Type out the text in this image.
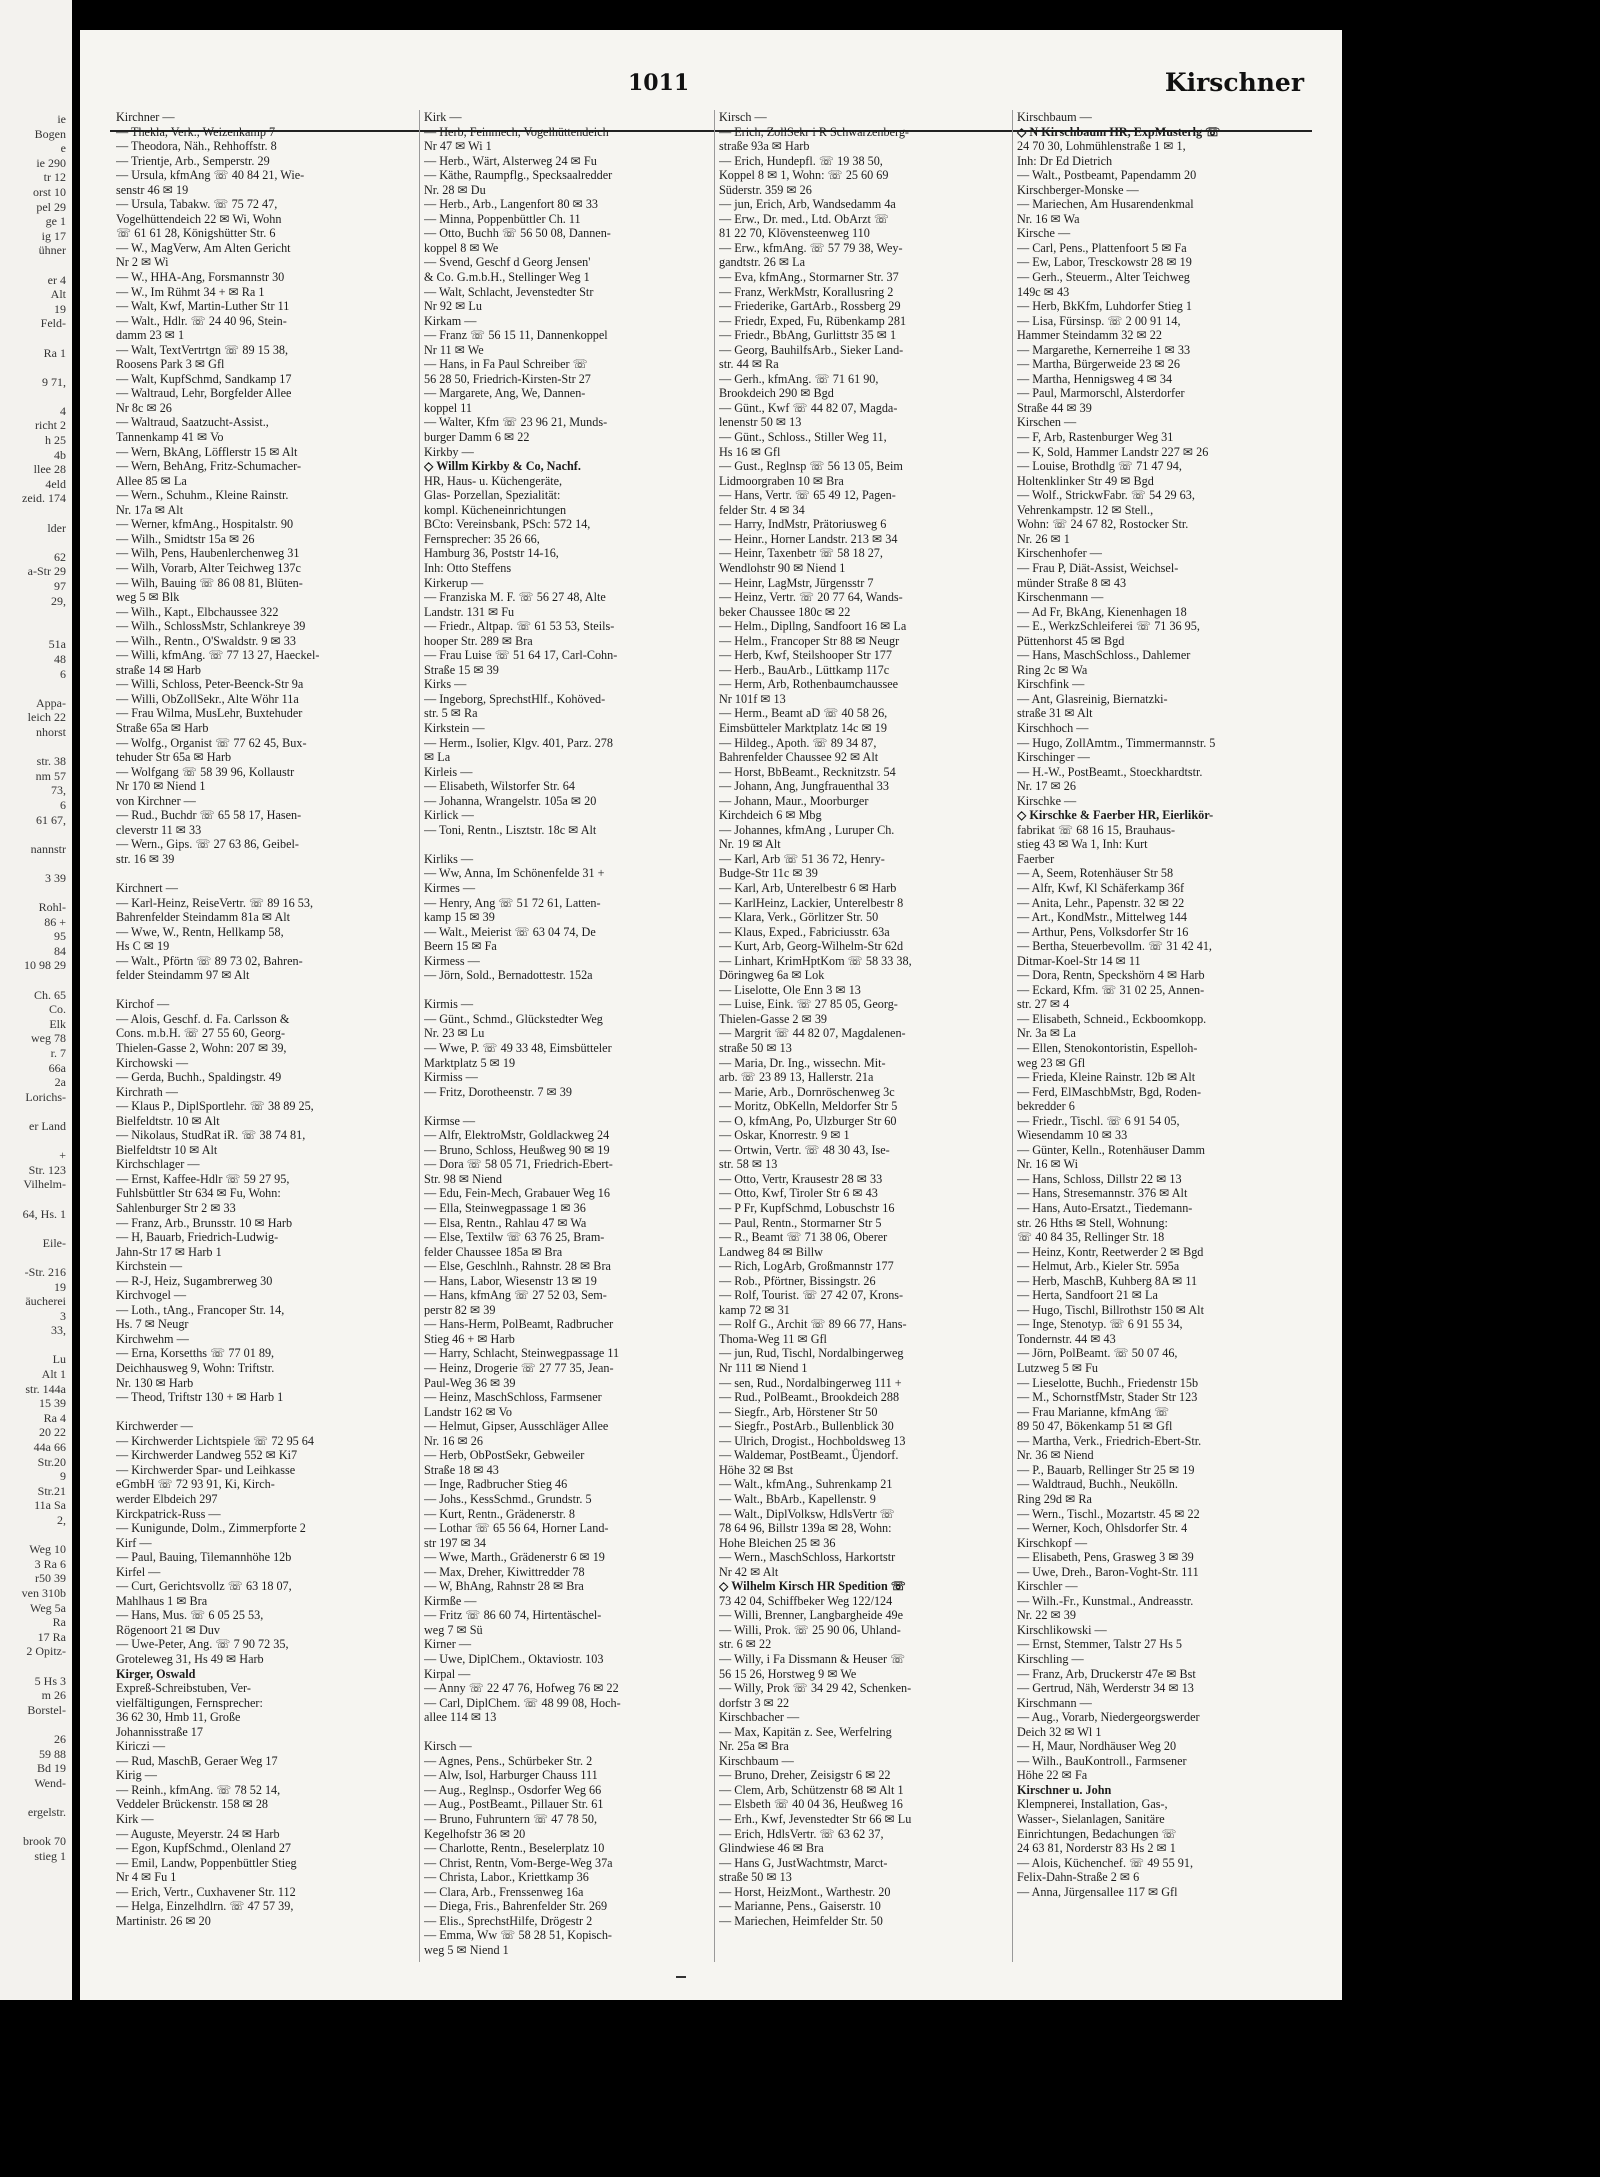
ie
Bogen
e
ie 290
tr 12
orst 10
pel 29
ge 1
ig 17
ühner

er 4
Alt
19
Feld-

Ra 1

9 71,

4
richt 2
h 25
4b
llee 28
4eld
zeid. 174

lder

62
a-Str 29
97
29,

51a
48
6

Appa-
leich 22
nhorst

str. 38
nm 57
73,
6
61 67,

nannstr

3 39

Rohl-
86 +
95
84
10 98 29

Ch. 65
Co.
Elk
weg 78
r. 7
66a
2a
Lorichs-

er Land

+
Str. 123
Vilhelm-

64, Hs. 1

Eile-

-Str. 216
19
äucherei
3
33,

Lu
Alt 1
str. 144a
15 39
Ra 4
20 22
44a 66
Str.20
9
Str.21
11a Sa
2,

Weg 10
3 Ra 6
r50 39
ven 310b
Weg 5a
Ra
17 Ra
2 Opitz-

5 Hs 3
m 26
Borstel-

26
59 88
Bd 19
Wend-

ergelstr.

brook 70
stieg 1
1011	Kirschner
Kirchner —
— Thekla, Verk., Weizenkamp 7
— Theodora, Näh., Rehhoffstr. 8
— Trientje, Arb., Semperstr. 29
— Ursula, kfmAng ☏ 40 84 21, Wie-
senstr 46 ✉ 19
— Ursula, Tabakw. ☏ 75 72 47,
Vogelhüttendeich 22 ✉ Wi, Wohn
☏ 61 61 28, Königshütter Str. 6
— W., MagVerw, Am Alten Gericht
Nr 2 ✉ Wi
— W., HHA-Ang, Forsmannstr 30
— W., Im Rühmt 34 + ✉ Ra 1
— Walt, Kwf, Martin-Luther Str 11
— Walt., Hdlr. ☏ 24 40 96, Stein-
damm 23 ✉ 1
— Walt, TextVertrtgn ☏ 89 15 38,
Roosens Park 3 ✉ Gfl
— Walt, KupfSchmd, Sandkamp 17
— Waltraud, Lehr, Borgfelder Allee
Nr 8c ✉ 26
— Waltraud, Saatzucht-Assist.,
Tannenkamp 41 ✉ Vo
— Wern, BkAng, Löfflerstr 15 ✉ Alt
— Wern, BehAng, Fritz-Schumacher-
Allee 85 ✉ La
— Wern., Schuhm., Kleine Rainstr.
Nr. 17a ✉ Alt
— Werner, kfmAng., Hospitalstr. 90
— Wilh., Smidtstr 15a ✉ 26
— Wilh, Pens, Haubenlerchenweg 31
— Wilh, Vorarb, Alter Teichweg 137c
— Wilh, Bauing ☏ 86 08 81, Blüten-
weg 5 ✉ Blk
— Wilh., Kapt., Elbchaussee 322
— Wilh., SchlossMstr, Schlankreye 39
— Wilh., Rentn., O'Swaldstr. 9 ✉ 33
— Willi, kfmAng. ☏ 77 13 27, Haeckel-
straße 14 ✉ Harb
— Willi, Schloss, Peter-Beenck-Str 9a
— Willi, ObZollSekr., Alte Wöhr 11a
— Frau Wilma, MusLehr, Buxtehuder
Straße 65a ✉ Harb
— Wolfg., Organist ☏ 77 62 45, Bux-
tehuder Str 65a ✉ Harb
— Wolfgang ☏ 58 39 96, Kollaustr
Nr 170 ✉ Niend 1
von Kirchner —
— Rud., Buchdr ☏ 65 58 17, Hasen-
cleverstr 11 ✉ 33
— Wern., Gips. ☏ 27 63 86, Geibel-
str. 16 ✉ 39

Kirchnert —
— Karl-Heinz, ReiseVertr. ☏ 89 16 53,
Bahrenfelder Steindamm 81a ✉ Alt
— Wwe, W., Rentn, Hellkamp 58,
Hs C ✉ 19
— Walt., Pförtn ☏ 89 73 02, Bahren-
felder Steindamm 97 ✉ Alt

Kirchof —
— Alois, Geschf. d. Fa. Carlsson &
Cons. m.b.H. ☏ 27 55 60, Georg-
Thielen-Gasse 2, Wohn: 207 ✉ 39,
Kirchowski —
— Gerda, Buchh., Spaldingstr. 49
Kirchrath —
— Klaus P., DiplSportlehr. ☏ 38 89 25,
Bielfeldtstr. 10 ✉ Alt
— Nikolaus, StudRat iR. ☏ 38 74 81,
Bielfeldtstr 10 ✉ Alt
Kirchschlager —
— Ernst, Kaffee-Hdlr ☏ 59 27 95,
Fuhlsbüttler Str 634 ✉ Fu, Wohn:
Sahlenburger Str 2 ✉ 33
— Franz, Arb., Brunsstr. 10 ✉ Harb
— H, Bauarb, Friedrich-Ludwig-
Jahn-Str 17 ✉ Harb 1
Kirchstein —
— R-J, Heiz, Sugambrerweg 30
Kirchvogel —
— Loth., tAng., Francoper Str. 14,
Hs. 7 ✉ Neugr
Kirchwehm —
— Erna, Korsetths ☏ 77 01 89,
Deichhausweg 9, Wohn: Triftstr.
Nr. 130 ✉ Harb
— Theod, Triftstr 130 + ✉ Harb 1

Kirchwerder —
— Kirchwerder Lichtspiele ☏ 72 95 64
— Kirchwerder Landweg 552 ✉ Ki7
— Kirchwerder Spar- und Leihkasse
eGmbH ☏ 72 93 91, Ki, Kirch-
werder Elbdeich 297
Kirckpatrick-Russ —
— Kunigunde, Dolm., Zimmerpforte 2
Kirf —
— Paul, Bauing, Tilemannhöhe 12b
Kirfel —
— Curt, Gerichtsvollz ☏ 63 18 07,
Mahlhaus 1 ✉ Bra
— Hans, Mus. ☏ 6 05 25 53,
Rögenoort 21 ✉ Duv
— Uwe-Peter, Ang. ☏ 7 90 72 35,
Groteleweg 31, Hs 49 ✉ Harb
Kirger, Oswald
Expreß-Schreibstuben, Ver-
vielfältigungen, Fernsprecher:
36 62 30, Hmb 11, Große
Johannisstraße 17
Kiriczi —
— Rud, MaschB, Geraer Weg 17
Kirig —
— Reinh., kfmAng. ☏ 78 52 14,
Veddeler Brückenstr. 158 ✉ 28
Kirk —
— Auguste, Meyerstr. 24 ✉ Harb
— Egon, KupfSchmd., Olenland 27
— Emil, Landw, Poppenbüttler Stieg
Nr 4 ✉ Fu 1
— Erich, Vertr., Cuxhavener Str. 112
— Helga, Einzelhdlrn. ☏ 47 57 39,
Martinistr. 26 ✉ 20
Kirk —
— Herb, Feinmech, Vogelhüttendeich
Nr 47 ✉ Wi 1
— Herb., Wärt, Alsterweg 24 ✉ Fu
— Käthe, Raumpflg., Specksaalredder
Nr. 28 ✉ Du
— Herb., Arb., Langenfort 80 ✉ 33
— Minna, Poppenbüttler Ch. 11
— Otto, Buchh ☏ 56 50 08, Dannen-
koppel 8 ✉ We
— Svend, Geschf d Georg Jensen'
& Co. G.m.b.H., Stellinger Weg 1
— Walt, Schlacht, Jevenstedter Str
Nr 92 ✉ Lu
Kirkam —
— Franz ☏ 56 15 11, Dannenkoppel
Nr 11 ✉ We
— Hans, in Fa Paul Schreiber ☏
56 28 50, Friedrich-Kirsten-Str 27
— Margarete, Ang, We, Dannen-
koppel 11
— Walter, Kfm ☏ 23 96 21, Munds-
burger Damm 6 ✉ 22
Kirkby —
◇ Willm Kirkby & Co, Nachf.
HR, Haus- u. Küchengeräte,
Glas- Porzellan, Spezialität:
kompl. Kücheneinrichtungen
BCto: Vereinsbank, PSch: 572 14,
Fernsprecher: 35 26 66,
Hamburg 36, Poststr 14-16,
Inh: Otto Steffens
Kirkerup —
— Franziska M. F. ☏ 56 27 48, Alte
Landstr. 131 ✉ Fu
— Friedr., Altpap. ☏ 61 53 53, Steils-
hooper Str. 289 ✉ Bra
— Frau Luise ☏ 51 64 17, Carl-Cohn-
Straße 15 ✉ 39
Kirks —
— Ingeborg, SprechstHlf., Kohöved-
str. 5 ✉ Ra
Kirkstein —
— Herm., Isolier, Klgv. 401, Parz. 278
✉ La
Kirleis —
— Elisabeth, Wilstorfer Str. 64
— Johanna, Wrangelstr. 105a ✉ 20
Kirlick —
— Toni, Rentn., Lisztstr. 18c ✉ Alt

Kirliks —
— Ww, Anna, Im Schönenfelde 31 +
Kirmes —
— Henry, Ang ☏ 51 72 61, Latten-
kamp 15 ✉ 39
— Walt., Meierist ☏ 63 04 74, De
Beern 15 ✉ Fa
Kirmess —
— Jörn, Sold., Bernadottestr. 152a

Kirmis —
— Günt., Schmd., Glückstedter Weg
Nr. 23 ✉ Lu
— Wwe, P. ☏ 49 33 48, Eimsbütteler
Marktplatz 5 ✉ 19
Kirmiss —
— Fritz, Dorotheenstr. 7 ✉ 39

Kirmse —
— Alfr, ElektroMstr, Goldlackweg 24
— Bruno, Schloss, Heußweg 90 ✉ 19
— Dora ☏ 58 05 71, Friedrich-Ebert-
Str. 98 ✉ Niend
— Edu, Fein-Mech, Grabauer Weg 16
— Ella, Steinwegpassage 1 ✉ 36
— Elsa, Rentn., Rahlau 47 ✉ Wa
— Else, Textilw ☏ 63 76 25, Bram-
felder Chaussee 185a ✉ Bra
— Else, Geschlnh., Rahnstr. 28 ✉ Bra
— Hans, Labor, Wiesenstr 13 ✉ 19
— Hans, kfmAng ☏ 27 52 03, Sem-
perstr 82 ✉ 39
— Hans-Herm, PolBeamt, Radbrucher
Stieg 46 + ✉ Harb
— Harry, Schlacht, Steinwegpassage 11
— Heinz, Drogerie ☏ 27 77 35, Jean-
Paul-Weg 36 ✉ 39
— Heinz, MaschSchloss, Farmsener
Landstr 162 ✉ Vo
— Helmut, Gipser, Ausschläger Allee
Nr. 16 ✉ 26
— Herb, ObPostSekr, Gebweiler
Straße 18 ✉ 43
— Inge, Radbrucher Stieg 46
— Johs., KessSchmd., Grundstr. 5
— Kurt, Rentn., Grädenerstr. 8
— Lothar ☏ 65 56 64, Horner Land-
str 197 ✉ 34
— Wwe, Marth., Grädenerstr 6 ✉ 19
— Max, Dreher, Kiwittredder 78
— W, BhAng, Rahnstr 28 ✉ Bra
Kirmße —
— Fritz ☏ 86 60 74, Hirtentäschel-
weg 7 ✉ Sü
Kirner —
— Uwe, DiplChem., Oktaviostr. 103
Kirpal —
— Anny ☏ 22 47 76, Hofweg 76 ✉ 22
— Carl, DiplChem. ☏ 48 99 08, Hoch-
allee 114 ✉ 13

Kirsch —
— Agnes, Pens., Schürbeker Str. 2
— Alw, Isol, Harburger Chauss 111
— Aug., Reglnsp., Osdorfer Weg 66
— Aug., PostBeamt., Pillauer Str. 61
— Bruno, Fuhruntern ☏ 47 78 50,
Kegelhofstr 36 ✉ 20
— Charlotte, Rentn., Beselerplatz 10
— Christ, Rentn, Vom-Berge-Weg 37a
— Christa, Labor., Kriettkamp 36
— Clara, Arb., Frenssenweg 16a
— Diega, Fris., Bahrenfelder Str. 269
— Elis., SprechstHilfe, Drögestr 2
— Emma, Ww ☏ 58 28 51, Kopisch-
weg 5 ✉ Niend 1
Kirsch —
— Erich, ZollSekr i R Schwarzenberg-
straße 93a ✉ Harb
— Erich, Hundepfl. ☏ 19 38 50,
Koppel 8 ✉ 1, Wohn: ☏ 25 60 69
Süderstr. 359 ✉ 26
— jun, Erich, Arb, Wandsedamm 4a
— Erw., Dr. med., Ltd. ObArzt ☏
81 22 70, Klövensteenweg 110
— Erw., kfmAng. ☏ 57 79 38, Wey-
gandtstr. 26 ✉ La
— Eva, kfmAng., Stormarner Str. 37
— Franz, WerkMstr, Korallusring 2
— Friederike, GartArb., Rossberg 29
— Friedr, Exped, Fu, Rübenkamp 281
— Friedr., BbAng, Gurlittstr 35 ✉ 1
— Georg, BauhilfsArb., Sieker Land-
str. 44 ✉ Ra
— Gerh., kfmAng. ☏ 71 61 90,
Brookdeich 290 ✉ Bgd
— Günt., Kwf ☏ 44 82 07, Magda-
lenenstr 50 ✉ 13
— Günt., Schloss., Stiller Weg 11,
Hs 16 ✉ Gfl
— Gust., Reglnsp ☏ 56 13 05, Beim
Lidmoorgraben 10 ✉ Bra
— Hans, Vertr. ☏ 65 49 12, Pagen-
felder Str. 4 ✉ 34
— Harry, IndMstr, Prätoriusweg 6
— Heinr., Horner Landstr. 213 ✉ 34
— Heinr, Taxenbetr ☏ 58 18 27,
Wendlohstr 90 ✉ Niend 1
— Heinr, LagMstr, Jürgensstr 7
— Heinz, Vertr. ☏ 20 77 64, Wands-
beker Chaussee 180c ✉ 22
— Helm., Dipllng, Sandfoort 16 ✉ La
— Helm., Francoper Str 88 ✉ Neugr
— Herb, Kwf, Steilshooper Str 177
— Herb., BauArb., Lüttkamp 117c
— Herm, Arb, Rothenbaumchaussee
Nr 101f ✉ 13
— Herm., Beamt aD ☏ 40 58 26,
Eimsbütteler Marktplatz 14c ✉ 19
— Hildeg., Apoth. ☏ 89 34 87,
Bahrenfelder Chaussee 92 ✉ Alt
— Horst, BbBeamt., Recknitzstr. 54
— Johann, Ang, Jungfrauenthal 33
— Johann, Maur., Moorburger
Kirchdeich 6 ✉ Mbg
— Johannes, kfmAng , Luruper Ch.
Nr. 19 ✉ Alt
— Karl, Arb ☏ 51 36 72, Henry-
Budge-Str 11c ✉ 39
— Karl, Arb, Unterelbestr 6 ✉ Harb
— KarlHeinz, Lackier, Unterelbestr 8
— Klara, Verk., Görlitzer Str. 50
— Klaus, Exped., Fabriciusstr. 63a
— Kurt, Arb, Georg-Wilhelm-Str 62d
— Linhart, KrimHptKom ☏ 58 33 38,
Döringweg 6a ✉ Lok
— Liselotte, Ole Enn 3 ✉ 13
— Luise, Eink. ☏ 27 85 05, Georg-
Thielen-Gasse 2 ✉ 39
— Margrit ☏ 44 82 07, Magdalenen-
straße 50 ✉ 13
— Maria, Dr. Ing., wissechn. Mit-
arb. ☏ 23 89 13, Hallerstr. 21a
— Marie, Arb., Dornröschenweg 3c
— Moritz, ObKelln, Meldorfer Str 5
— O, kfmAng, Po, Ulzburger Str 60
— Oskar, Knorrestr. 9 ✉ 1
— Ortwin, Vertr. ☏ 48 30 43, Ise-
str. 58 ✉ 13
— Otto, Vertr, Krausestr 28 ✉ 33
— Otto, Kwf, Tiroler Str 6 ✉ 43
— P Fr, KupfSchmd, Lobuschstr 16
— Paul, Rentn., Stormarner Str 5
— R., Beamt ☏ 71 38 06, Oberer
Landweg 84 ✉ Billw
— Rich, LogArb, Großmannstr 177
— Rob., Pförtner, Bissingstr. 26
— Rolf, Tourist. ☏ 27 42 07, Krons-
kamp 72 ✉ 31
— Rolf G., Archit ☏ 89 66 77, Hans-
Thoma-Weg 11 ✉ Gfl
— jun, Rud, Tischl, Nordalbingerweg
Nr 111 ✉ Niend 1
— sen, Rud., Nordalbingerweg 111 +
— Rud., PolBeamt., Brookdeich 288
— Siegfr., Arb, Hörstener Str 50
— Siegfr., PostArb., Bullenblick 30
— Ulrich, Drogist., Hochboldsweg 13
— Waldemar, PostBeamt., Üjendorf.
Höhe 32 ✉ Bst
— Walt., kfmAng., Suhrenkamp 21
— Walt., BbArb., Kapellenstr. 9
— Walt., DiplVolksw, HdlsVertr ☏
78 64 96, Billstr 139a ✉ 28, Wohn:
Hohe Bleichen 25 ✉ 36
— Wern., MaschSchloss, Harkortstr
Nr 42 ✉ Alt
◇ Wilhelm Kirsch HR Spedition ☏
73 42 04, Schiffbeker Weg 122/124
— Willi, Brenner, Langbargheide 49e
— Willi, Prok. ☏ 25 90 06, Uhland-
str. 6 ✉ 22
— Willy, i Fa Dissmann & Heuser ☏
56 15 26, Horstweg 9 ✉ We
— Willy, Prok ☏ 34 29 42, Schenken-
dorfstr 3 ✉ 22
Kirschbacher —
— Max, Kapitän z. See, Werfelring
Nr. 25a ✉ Bra
Kirschbaum —
— Bruno, Dreher, Zeisigstr 6 ✉ 22
— Clem, Arb, Schützenstr 68 ✉ Alt 1
— Elsbeth ☏ 40 04 36, Heußweg 16
— Erh., Kwf, Jevenstedter Str 66 ✉ Lu
— Erich, HdlsVertr. ☏ 63 62 37,
Glindwiese 46 ✉ Bra
— Hans G, JustWachtmstr, Marct-
straße 50 ✉ 13
— Horst, HeizMont., Warthestr. 20
— Marianne, Pens., Gaiserstr. 10
— Mariechen, Heimfelder Str. 50
Kirschbaum —
◇ N Kirschbaum HR, ExpMusterlg ☏
24 70 30, Lohmühlenstraße 1 ✉ 1,
Inh: Dr Ed Dietrich
— Walt., Postbeamt, Papendamm 20
Kirschberger-Monske —
— Mariechen, Am Husarendenkmal
Nr. 16 ✉ Wa
Kirsche —
— Carl, Pens., Plattenfoort 5 ✉ Fa
— Ew, Labor, Tresckowstr 28 ✉ 19
— Gerh., Steuerm., Alter Teichweg
149c ✉ 43
— Herb, BkKfm, Luhdorfer Stieg 1
— Lisa, Fürsinsp. ☏ 2 00 91 14,
Hammer Steindamm 32 ✉ 22
— Margarethe, Kernerreihe 1 ✉ 33
— Martha, Bürgerweide 23 ✉ 26
— Martha, Hennigsweg 4 ✉ 34
— Paul, Marmorschl, Alsterdorfer
Straße 44 ✉ 39
Kirschen —
— F, Arb, Rastenburger Weg 31
— K, Sold, Hammer Landstr 227 ✉ 26
— Louise, Brothdlg ☏ 71 47 94,
Holtenklinker Str 49 ✉ Bgd
— Wolf., StrickwFabr. ☏ 54 29 63,
Vehrenkampstr. 12 ✉ Stell.,
Wohn: ☏ 24 67 82, Rostocker Str.
Nr. 26 ✉ 1
Kirschenhofer —
— Frau P, Diät-Assist, Weichsel-
münder Straße 8 ✉ 43
Kirschenmann —
— Ad Fr, BkAng, Kienenhagen 18
— E., WerkzSchleiferei ☏ 71 36 95,
Püttenhorst 45 ✉ Bgd
— Hans, MaschSchloss., Dahlemer
Ring 2c ✉ Wa
Kirschfink —
— Ant, Glasreinig, Biernatzki-
straße 31 ✉ Alt
Kirschhoch —
— Hugo, ZollAmtm., Timmermannstr. 5
Kirschinger —
— H.-W., PostBeamt., Stoeckhardtstr.
Nr. 17 ✉ 26
Kirschke —
◇ Kirschke & Faerber HR, Eierlikör-
fabrikat ☏ 68 16 15, Brauhaus-
stieg 43 ✉ Wa 1, Inh: Kurt
Faerber
— A, Seem, Rotenhäuser Str 58
— Alfr, Kwf, Kl Schäferkamp 36f
— Anita, Lehr., Papenstr. 32 ✉ 22
— Art., KondMstr., Mittelweg 144
— Arthur, Pens, Volksdorfer Str 16
— Bertha, Steuerbevollm. ☏ 31 42 41,
Ditmar-Koel-Str 14 ✉ 11
— Dora, Rentn, Speckshörn 4 ✉ Harb
— Eckard, Kfm. ☏ 31 02 25, Annen-
str. 27 ✉ 4
— Elisabeth, Schneid., Eckboomkopp.
Nr. 3a ✉ La
— Ellen, Stenokontoristin, Espelloh-
weg 23 ✉ Gfl
— Frieda, Kleine Rainstr. 12b ✉ Alt
— Ferd, ElMaschbMstr, Bgd, Roden-
bekredder 6
— Friedr., Tischl. ☏ 6 91 54 05,
Wiesendamm 10 ✉ 33
— Günter, Kelln., Rotenhäuser Damm
Nr. 16 ✉ Wi
— Hans, Schloss, Dillstr 22 ✉ 13
— Hans, Stresemannstr. 376 ✉ Alt
— Hans, Auto-Ersatzt., Tiedemann-
str. 26 Hths ✉ Stell, Wohnung:
☏ 40 84 35, Rellinger Str. 18
— Heinz, Kontr, Reetwerder 2 ✉ Bgd
— Helmut, Arb., Kieler Str. 595a
— Herb, MaschB, Kuhberg 8A ✉ 11
— Herta, Sandfoort 21 ✉ La
— Hugo, Tischl, Billrothstr 150 ✉ Alt
— Inge, Stenotyp. ☏ 6 91 55 34,
Tondernstr. 44 ✉ 43
— Jörn, PolBeamt. ☏ 50 07 46,
Lutzweg 5 ✉ Fu
— Lieselotte, Buchh., Friedenstr 15b
— M., SchornstfMstr, Stader Str 123
— Frau Marianne, kfmAng ☏
89 50 47, Bökenkamp 51 ✉ Gfl
— Martha, Verk., Friedrich-Ebert-Str.
Nr. 36 ✉ Niend
— P., Bauarb, Rellinger Str 25 ✉ 19
— Waldtraud, Buchh., Neukölln.
Ring 29d ✉ Ra
— Wern., Tischl., Mozartstr. 45 ✉ 22
— Werner, Koch, Ohlsdorfer Str. 4
Kirschkopf —
— Elisabeth, Pens, Grasweg 3 ✉ 39
— Uwe, Dreh., Baron-Voght-Str. 111
Kirschler —
— Wilh.-Fr., Kunstmal., Andreasstr.
Nr. 22 ✉ 39
Kirschlikowski —
— Ernst, Stemmer, Talstr 27 Hs 5
Kirschling —
— Franz, Arb, Druckerstr 47e ✉ Bst
— Gertrud, Näh, Werderstr 34 ✉ 13
Kirschmann —
— Aug., Vorarb, Niedergeorgswerder
Deich 32 ✉ Wl 1
— H, Maur, Nordhäuser Weg 20
— Wilh., BauKontroll., Farmsener
Höhe 22 ✉ Fa
Kirschner u. John
Klempnerei, Installation, Gas-,
Wasser-, Sielanlagen, Sanitäre
Einrichtungen, Bedachungen ☏
24 63 81, Norderstr 83 Hs 2 ✉ 1
— Alois, Küchenchef. ☏ 49 55 91,
Felix-Dahn-Straße 2 ✉ 6
— Anna, Jürgensallee 117 ✉ Gfl
